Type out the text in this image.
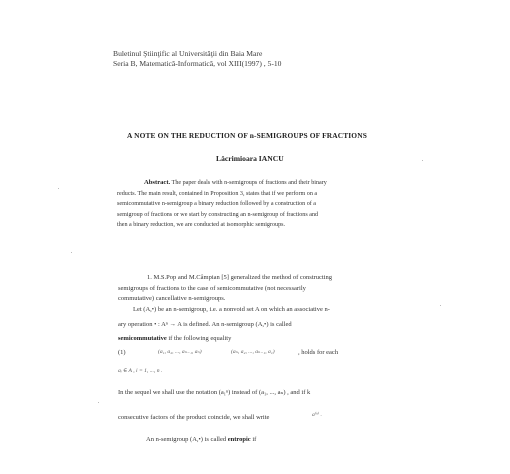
Buletinul Ştiinţific al Universităţii din Baia Mare
Seria B, Matematică-Informatică, vol XIII(1997) , 5-10
A NOTE ON THE REDUCTION OF n-SEMIGROUPS OF FRACTIONS
Lăcrimioara IANCU
Abstract. The paper deals with n-semigroups of fractions and their binary
reducts. The main result, contained in Proposition 3, states that if we perform on a
semicommutative n-semigroup a binary reduction followed by a construction of a
semigroup of fractions or we start by constructing an n-semigroup of fractions and
then a binary reduction, we are conducted at isomorphic semigroups.
1. M.S.Pop and M.Câmpian [5] generalized the method of constructing
semigroups of fractions to the case of semicommutative (not necessarily
commutative) cancellative n-semigroups.
Let (A,•) be an n-semigroup, i.e. a nonvoid set A on which an associative n-
ary operation • : Aⁿ → A is defined. An n-semigroup (A,•) is called
semicommutative if the following equality
(1)	(a₁, a₂, ..., aₙ₋₁, aₙ)	(aₙ, a₂, ..., aₙ₋₁, a₁)	, holds for each
aᵢ ∈ A , i = 1, ..., n .
In the sequel we shall use the notation (a₁ⁿ) instead of (a₁, ..., aₙ) , and if k
consecutive factors of the product coincide, we shall write	a⁽ᵏ⁾ .
An n-semigroup (A,•) is called entropic if
